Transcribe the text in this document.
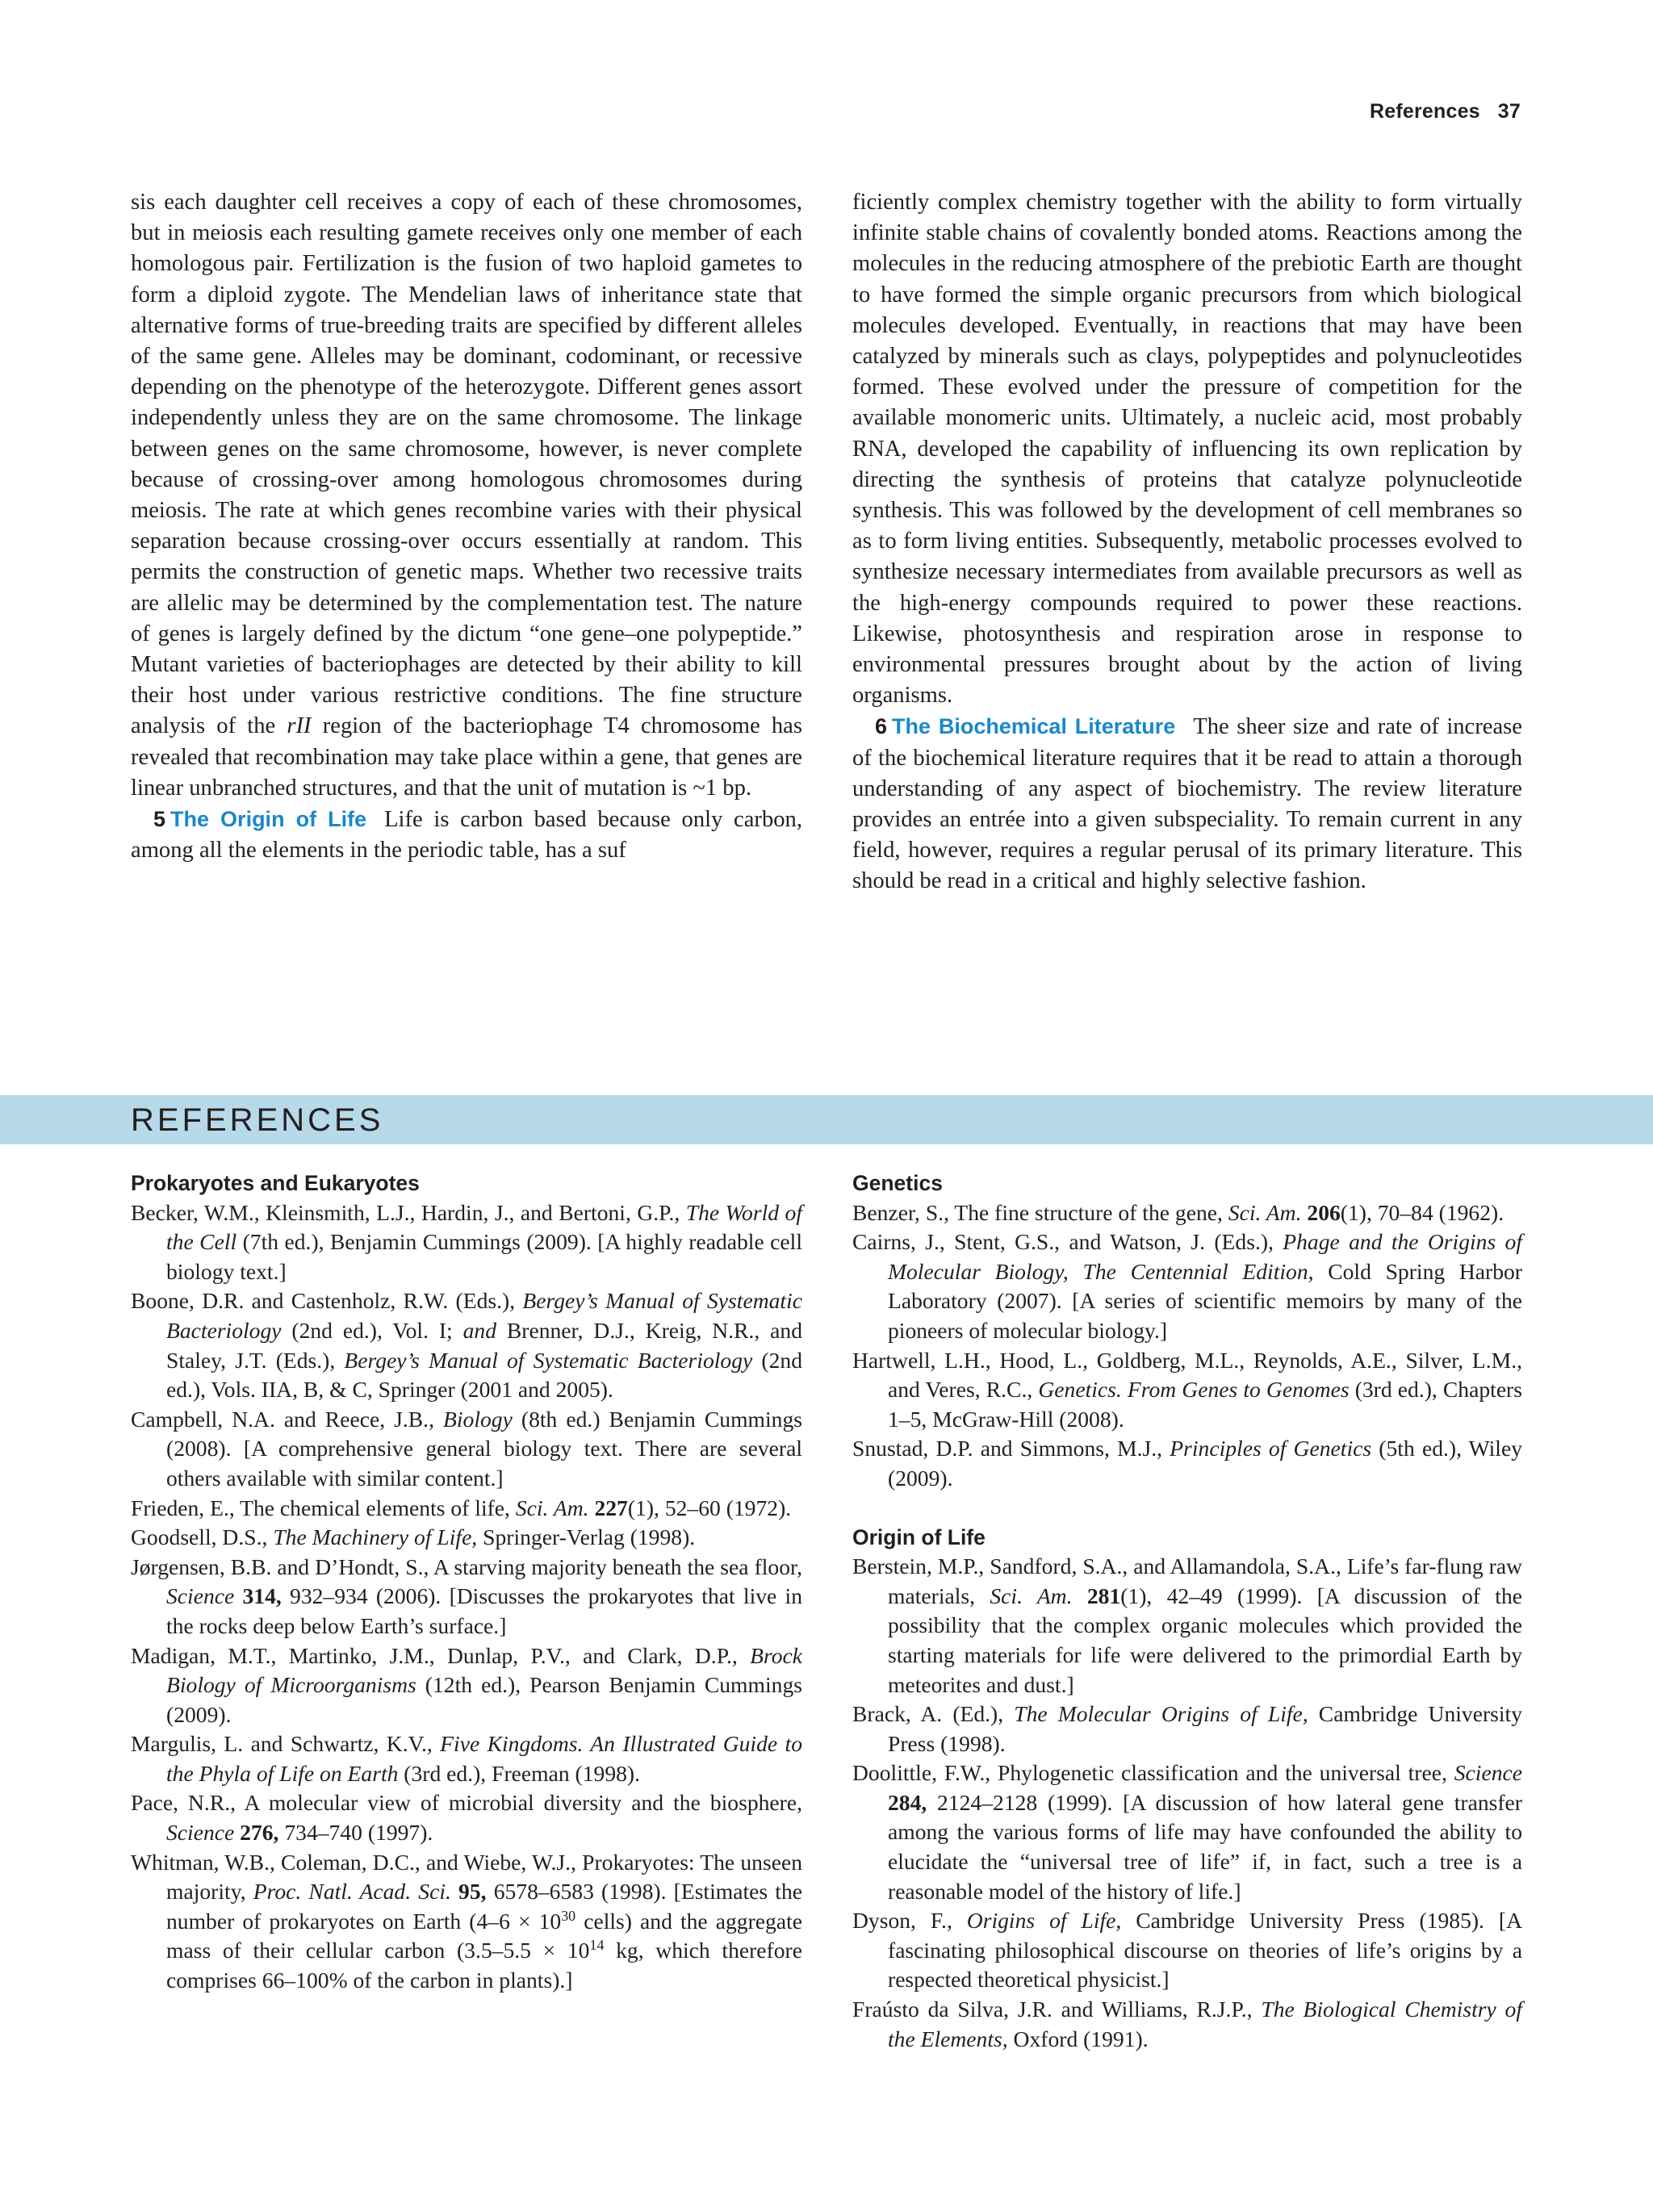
References 37

sis each daughter cell receives a copy of each of these chromosomes, but in meiosis each resulting gamete receives only one member of each homologous pair. Fertilization is the fusion of two haploid gametes to form a diploid zygote. The Mendelian laws of inheritance state that alternative forms of true-breeding traits are specified by different alleles of the same gene. Alleles may be dominant, codominant, or recessive depending on the phenotype of the heterozygote. Different genes assort independently unless they are on the same chromosome. The linkage between genes on the same chromosome, however, is never complete because of crossing-over among homologous chromosomes during meiosis. The rate at which genes recombine varies with their physical separation because crossing-over occurs essentially at random. This permits the construction of genetic maps. Whether two recessive traits are allelic may be determined by the complementation test. The nature of genes is largely defined by the dictum “one gene–one polypeptide.” Mutant varieties of bacteriophages are detected by their ability to kill their host under various restrictive conditions. The fine structure analysis of the rII region of the bacteriophage T4 chromosome has revealed that recombination may take place within a gene, that genes are linear unbranched structures, and that the unit of mutation is ~1 bp.

5 The Origin of Life Life is carbon based because only carbon, among all the elements in the periodic table, has a suf

ficiently complex chemistry together with the ability to form virtually infinite stable chains of covalently bonded atoms. Reactions among the molecules in the reducing atmosphere of the prebiotic Earth are thought to have formed the simple organic precursors from which biological molecules developed. Eventually, in reactions that may have been catalyzed by minerals such as clays, polypeptides and polynucleotides formed. These evolved under the pressure of competition for the available monomeric units. Ultimately, a nucleic acid, most probably RNA, developed the capability of influencing its own replication by directing the synthesis of proteins that catalyze polynucleotide synthesis. This was followed by the development of cell membranes so as to form living entities. Subsequently, metabolic processes evolved to synthesize necessary intermediates from available precursors as well as the high-energy compounds required to power these reactions. Likewise, photosynthesis and respiration arose in response to environmental pressures brought about by the action of living organisms.

6 The Biochemical Literature The sheer size and rate of increase of the biochemical literature requires that it be read to attain a thorough understanding of any aspect of biochemistry. The review literature provides an entrée into a given subspeciality. To remain current in any field, however, requires a regular perusal of its primary literature. This should be read in a critical and highly selective fashion.

REFERENCES

Prokaryotes and Eukaryotes

Becker, W.M., Kleinsmith, L.J., Hardin, J., and Bertoni, G.P., The World of the Cell (7th ed.), Benjamin Cummings (2009). [A highly readable cell biology text.]

Boone, D.R. and Castenholz, R.W. (Eds.), Bergey’s Manual of Systematic Bacteriology (2nd ed.), Vol. I; and Brenner, D.J., Kreig, N.R., and Staley, J.T. (Eds.), Bergey’s Manual of Systematic Bacteriology (2nd ed.), Vols. IIA, B, & C, Springer (2001 and 2005).

Campbell, N.A. and Reece, J.B., Biology (8th ed.) Benjamin Cummings (2008). [A comprehensive general biology text. There are several others available with similar content.]

Frieden, E., The chemical elements of life, Sci. Am. 227(1), 52–60 (1972).

Goodsell, D.S., The Machinery of Life, Springer-Verlag (1998).

Jørgensen, B.B. and D’Hondt, S., A starving majority beneath the sea floor, Science 314, 932–934 (2006). [Discusses the prokaryotes that live in the rocks deep below Earth’s surface.]

Madigan, M.T., Martinko, J.M., Dunlap, P.V., and Clark, D.P., Brock Biology of Microorganisms (12th ed.), Pearson Benjamin Cummings (2009).

Margulis, L. and Schwartz, K.V., Five Kingdoms. An Illustrated Guide to the Phyla of Life on Earth (3rd ed.), Freeman (1998).

Pace, N.R., A molecular view of microbial diversity and the biosphere, Science 276, 734–740 (1997).

Whitman, W.B., Coleman, D.C., and Wiebe, W.J., Prokaryotes: The unseen majority, Proc. Natl. Acad. Sci. 95, 6578–6583 (1998). [Estimates the number of prokaryotes on Earth ($4-6 \times 10^{30}$ cells) and the aggregate mass of their cellular carbon ($3.5-5.5 \times 10^{14}$ kg, which therefore comprises 66–100% of the carbon in plants).]

Genetics

Benzer, S., The fine structure of the gene, Sci. Am. 206(1), 70–84 (1962).

Cairns, J., Stent, G.S., and Watson, J. (Eds.), Phage and the Origins of Molecular Biology, The Centennial Edition, Cold Spring Harbor Laboratory (2007). [A series of scientific memoirs by many of the pioneers of molecular biology.]

Hartwell, L.H., Hood, L., Goldberg, M.L., Reynolds, A.E., Silver, L.M., and Veres, R.C., Genetics. From Genes to Genomes (3rd ed.), Chapters 1–5, McGraw-Hill (2008).

Snustad, D.P. and Simmons, M.J., Principles of Genetics (5th ed.), Wiley (2009).

Origin of Life

Berstein, M.P., Sandford, S.A., and Allamandola, S.A., Life’s far-flung raw materials, Sci. Am. 281(1), 42–49 (1999). [A discussion of the possibility that the complex organic molecules which provided the starting materials for life were delivered to the primordial Earth by meteorites and dust.]

Brack, A. (Ed.), The Molecular Origins of Life, Cambridge University Press (1998).

Doolittle, F.W., Phylogenetic classification and the universal tree, Science 284, 2124–2128 (1999). [A discussion of how lateral gene transfer among the various forms of life may have confounded the ability to elucidate the “universal tree of life” if, in fact, such a tree is a reasonable model of the history of life.]

Dyson, F., Origins of Life, Cambridge University Press (1985). [A fascinating philosophical discourse on theories of life’s origins by a respected theoretical physicist.]

Fraústo da Silva, J.R. and Williams, R.J.P., The Biological Chemistry of the Elements, Oxford (1991).
